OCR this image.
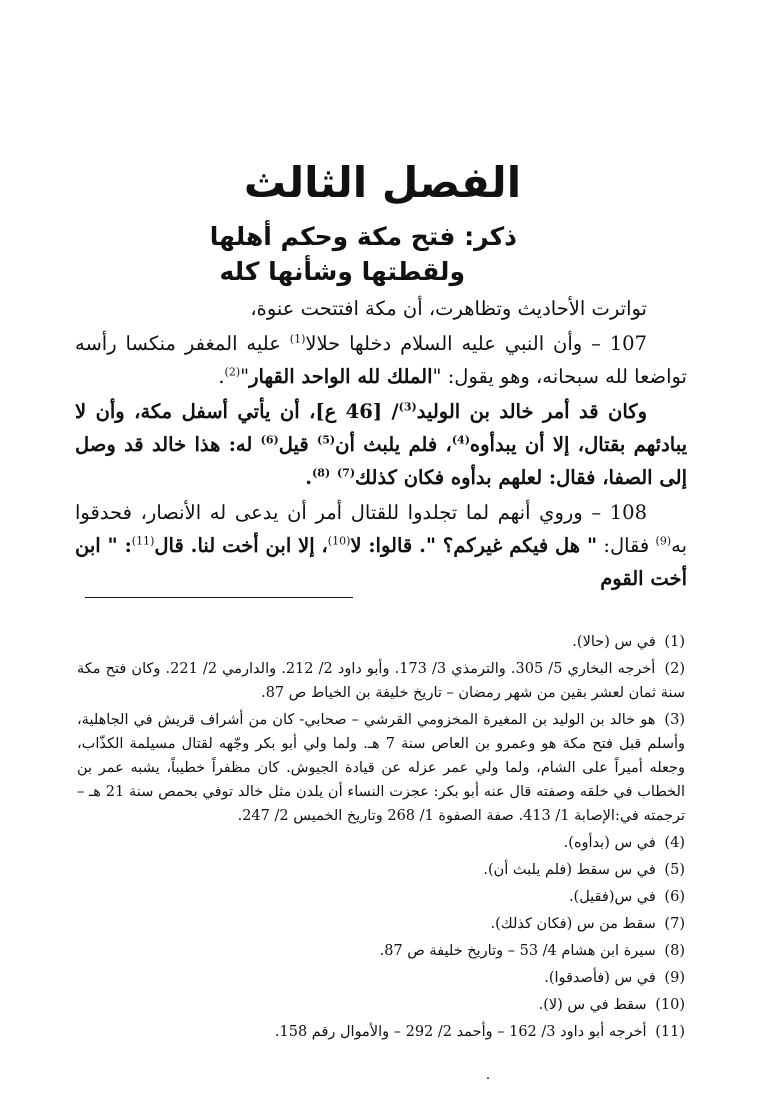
الفصل الثالث
ذكر: فتح مكة وحكم أهلها
ولقطتها وشأنها كله

تواترت الأحاديث وتظاهرت، أن مكة افتتحت عنوة،

107 – وأن النبي عليه السلام دخلها حلالا$^{(1)}$ عليه المغفر منكسا رأسه تواضعا لله سبحانه، وهو يقول: "الملك لله الواحد القهار"$^{(2)}$.

وكان قد أمر خالد بن الوليد$^{(3)}$/ [46 ع]، أن يأتي أسفل مكة، وأن لا يبادئهم بقتال، إلا أن يبدأوه$^{(4)}$، فلم يلبث أن$^{(5)}$ قيل$^{(6)}$ له: هذا خالد قد وصل إلى الصفا، فقال: لعلهم بدأوه فكان كذلك$^{(7)}$ $^{(8)}$.

108 – وروي أنهم لما تجلدوا للقتال أمر أن يدعى له الأنصار، فحدقوا به$^{(9)}$ فقال: " هل فيكم غيركم؟ ". قالوا: لا$^{(10)}$، إلا ابن أخت لنا. قال$^{(11)}$: " ابن أخت القوم

(1) في س (حالا).
(2) أخرجه البخاري 5/ 305. والترمذي 3/ 173. وأبو داود 2/ 212. والدارمي 2/ 221. وكان فتح مكة سنة ثمان لعشر بقين من شهر رمضان – تاريخ خليفة بن الخياط ص 87.
(3) هو خالد بن الوليد بن المغيرة المخزومي القرشي – صحابي- كان من أشراف قريش في الجاهلية، وأسلم قبل فتح مكة هو وعمرو بن العاص سنة 7 هـ. ولما ولي أبو بكر وجّهه لقتال مسيلمة الكذّاب، وجعله أميراً على الشام، ولما ولي عمر عزله عن قيادة الجيوش. كان مظفراً خطيباً، يشبه عمر بن الخطاب في خلقه وصفته قال عنه أبو بكر: عجزت النساء أن يلدن مثل خالد توفي بحمص سنة 21 هـ – ترجمته في:الإصابة 1/ 413. صفة الصفوة 1/ 268 وتاريخ الخميس 2/ 247.
(4) في س (بدأوه).
(5) في س سقط (فلم يلبث أن).
(6) في س(فقيل).
(7) سقط من س (فكان كذلك).
(8) سيرة ابن هشام 4/ 53 – وتاريخ خليفة ص 87.
(9) في س (فأصدقوا).
(10) سقط في س (لا).
(11) أخرجه أبو داود 3/ 162 – وأحمد 2/ 292 – والأموال رقم 158.
